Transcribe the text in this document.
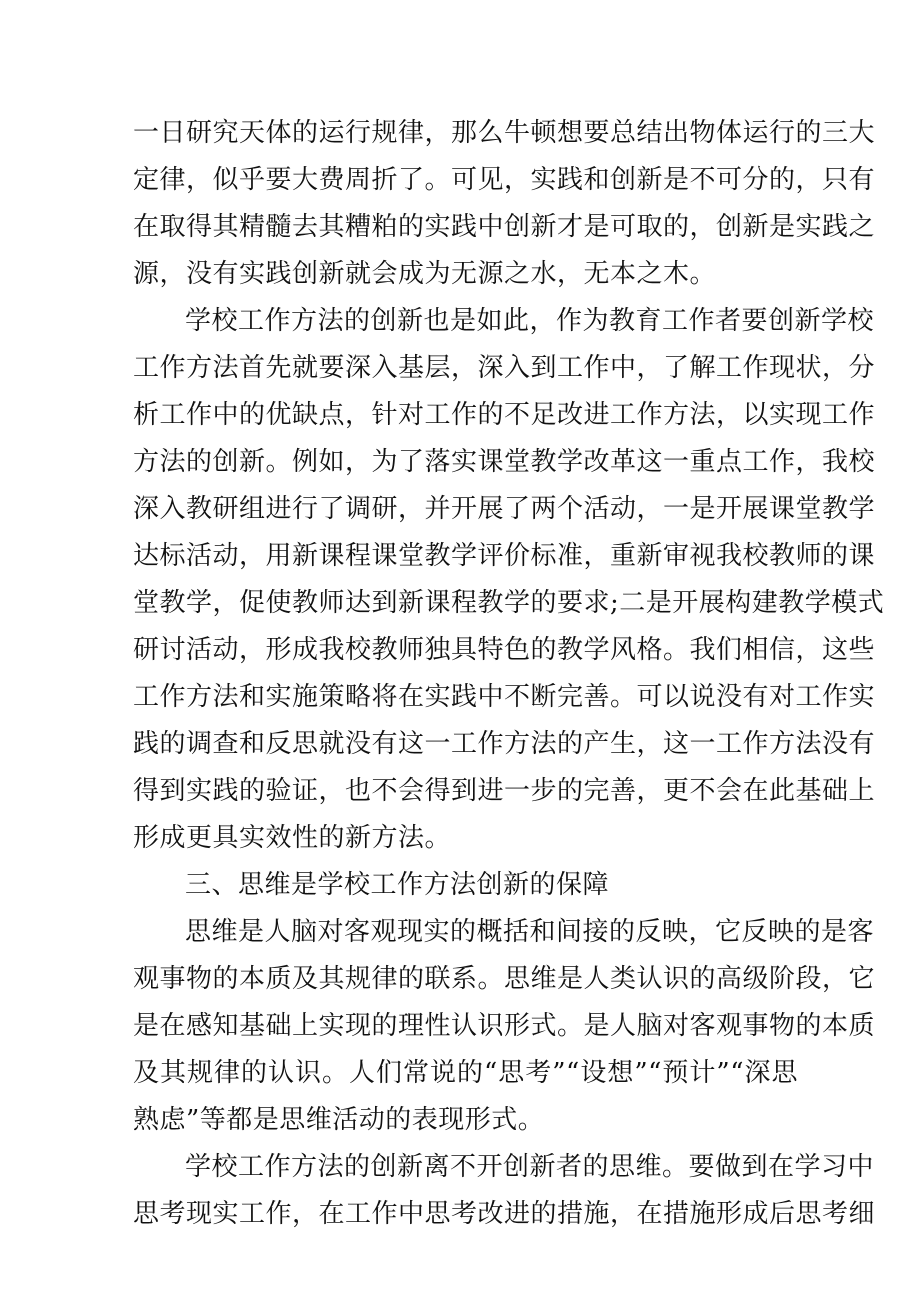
一日研究天体的运行规律，那么牛顿想要总结出物体运行的三大
定律，似乎要大费周折了。可见，实践和创新是不可分的，只有
在取得其精髓去其糟粕的实践中创新才是可取的，创新是实践之
源，没有实践创新就会成为无源之水，无本之木。
学校工作方法的创新也是如此，作为教育工作者要创新学校
工作方法首先就要深入基层，深入到工作中，了解工作现状，分
析工作中的优缺点，针对工作的不足改进工作方法，以实现工作
方法的创新。例如，为了落实课堂教学改革这一重点工作，我校
深入教研组进行了调研，并开展了两个活动，一是开展课堂教学
达标活动，用新课程课堂教学评价标准，重新审视我校教师的课
堂教学，促使教师达到新课程教学的要求;二是开展构建教学模式
研讨活动，形成我校教师独具特色的教学风格。我们相信，这些
工作方法和实施策略将在实践中不断完善。可以说没有对工作实
践的调查和反思就没有这一工作方法的产生，这一工作方法没有
得到实践的验证，也不会得到进一步的完善，更不会在此基础上
形成更具实效性的新方法。
三、思维是学校工作方法创新的保障
思维是人脑对客观现实的概括和间接的反映，它反映的是客
观事物的本质及其规律的联系。思维是人类认识的高级阶段，它
是在感知基础上实现的理性认识形式。是人脑对客观事物的本质
及其规律的认识。人们常说的“思考”“设想”“预计”“深思
熟虑”等都是思维活动的表现形式。
学校工作方法的创新离不开创新者的思维。要做到在学习中
思考现实工作，在工作中思考改进的措施，在措施形成后思考细
